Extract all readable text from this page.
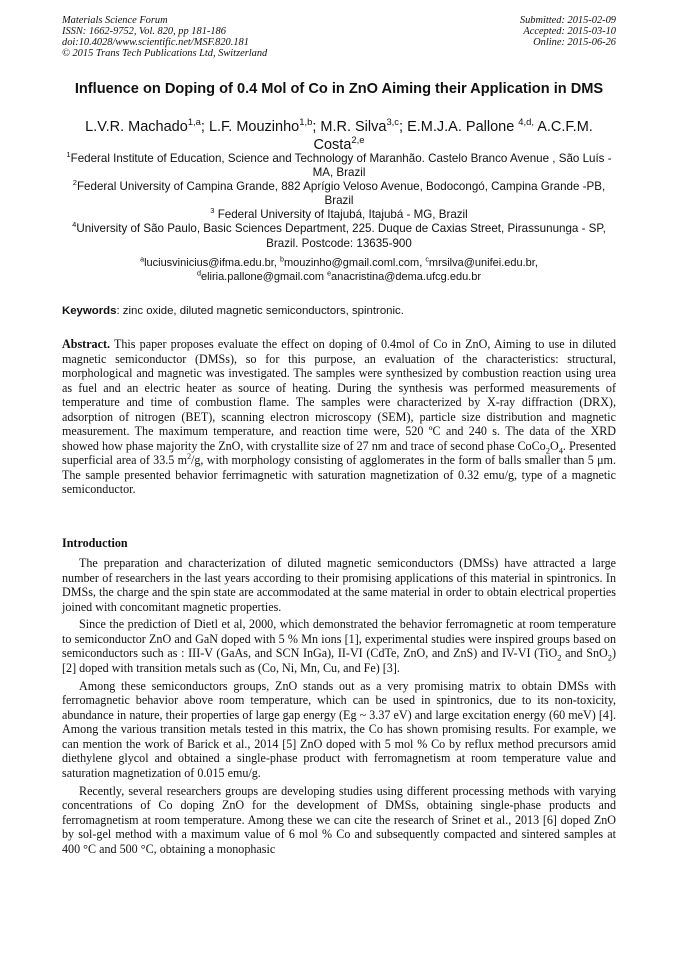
Materials Science Forum
ISSN: 1662-9752, Vol. 820, pp 181-186
doi:10.4028/www.scientific.net/MSF.820.181
© 2015 Trans Tech Publications Ltd, Switzerland
Submitted: 2015-02-09
Accepted: 2015-03-10
Online: 2015-06-26
Influence on Doping of 0.4 Mol of Co in ZnO Aiming their Application in DMS
L.V.R. Machado$^{1,a}$; L.F. Mouzinho$^{1,b}$; M.R. Silva$^{3,c}$; E.M.J.A. Pallone $^{4,d,}$ A.C.F.M. Costa$^{2,e}$

$^1$Federal Institute of Education, Science and Technology of Maranhão. Castelo Branco Avenue , São Luís - MA, Brazil

$^2$Federal University of Campina Grande, 882 Aprígio Veloso Avenue, Bodocongó, Campina Grande -PB, Brazil

$^3$ Federal University of Itajubá, Itajubá - MG, Brazil

$^4$University of São Paulo, Basic Sciences Department, 225. Duque de Caxias Street, Pirassununga - SP, Brazil. Postcode: 13635-900

$^a$luciusvinicius@ifma.edu.br, $^b$mouzinho@gmail.coml.com, $^c$mrsilva@unifei.edu.br,

$^d$eliria.pallone@gmail.com $^e$anacristina@dema.ufcg.edu.br

Keywords: zinc oxide, diluted magnetic semiconductors, spintronic.

Abstract. This paper proposes evaluate the effect on doping of 0.4mol of Co in ZnO, Aiming to use in diluted magnetic semiconductor (DMSs), so for this purpose, an evaluation of the characteristics: structural, morphological and magnetic was investigated. The samples were synthesized by combustion reaction using urea as fuel and an electric heater as source of heating. During the synthesis was performed measurements of temperature and time of combustion flame. The samples were characterized by X-ray diffraction (DRX), adsorption of nitrogen (BET), scanning electron microscopy (SEM), particle size distribution and magnetic measurement. The maximum temperature, and reaction time were, 520 ºC and 240 s. The data of the XRD showed how phase majority the ZnO, with crystallite size of 27 nm and trace of second phase $CoCo_2O_4$. Presented superficial area of 33.5 $m^2/g$, with morphology consisting of agglomerates in the form of balls smaller than 5 μm. The sample presented behavior ferrimagnetic with saturation magnetization of 0.32 emu/g, type of a magnetic semiconductor.

Introduction

The preparation and characterization of diluted magnetic semiconductors (DMSs) have attracted a large number of researchers in the last years according to their promising applications of this material in spintronics. In DMSs, the charge and the spin state are accommodated at the same material in order to obtain electrical properties joined with concomitant magnetic properties.

Since the prediction of Dietl et al, 2000, which demonstrated the behavior ferromagnetic at room temperature to semiconductor ZnO and GaN doped with 5 % Mn ions [1], experimental studies were inspired groups based on semiconductors such as : III-V (GaAs, and SCN InGa), II-VI (CdTe, ZnO, and ZnS) and IV-VI (TiO$_2$ and SnO$_2$) [2] doped with transition metals such as (Co, Ni, Mn, Cu, and Fe) [3].

Among these semiconductors groups, ZnO stands out as a very promising matrix to obtain DMSs with ferromagnetic behavior above room temperature, which can be used in spintronics, due to its non-toxicity, abundance in nature, their properties of large gap energy (Eg ~ 3.37 eV) and large excitation energy (60 meV) [4]. Among the various transition metals tested in this matrix, the Co has shown promising results. For example, we can mention the work of Barick et al., 2014 [5] ZnO doped with 5 mol % Co by reflux method precursors amid diethylene glycol and obtained a single-phase product with ferromagnetism at room temperature value and saturation magnetization of 0.015 emu/g.

Recently, several researchers groups are developing studies using different processing methods with varying concentrations of Co doping ZnO for the development of DMSs, obtaining single-phase products and ferromagnetism at room temperature. Among these we can cite the research of Srinet et al., 2013 [6] doped ZnO by sol-gel method with a maximum value of 6 mol % Co and subsequently compacted and sintered samples at 400 °C and 500 °C, obtaining a monophasic
